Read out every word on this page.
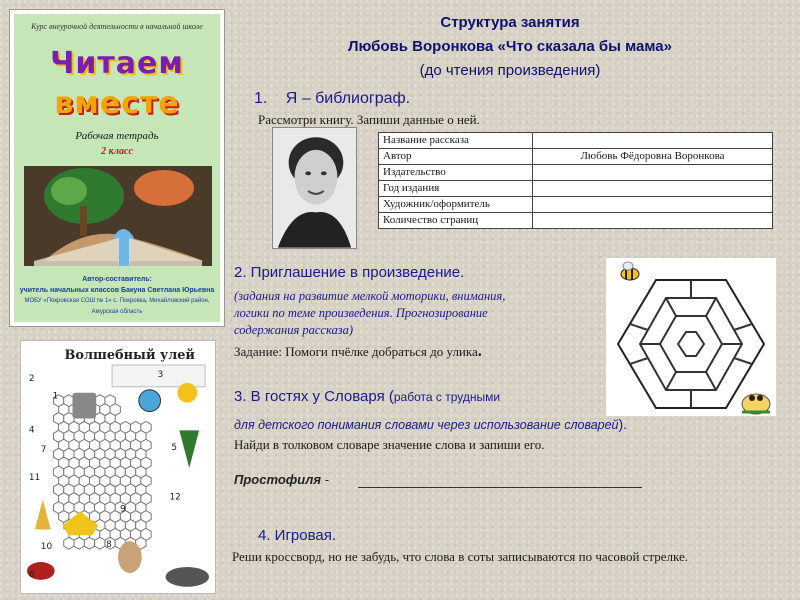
Курс внеурочной деятельности в начальной школе
Читаем
вместе
Рабочая тетрадь
2 класс
Автор-составитель:
учитель начальных классов Бакуна Светлана Юрьевна
МОБУ «Покровская СОШ № 1» с. Покровка, Михайловский район, Амурская область
Структура занятия
Любовь Воронкова «Что сказала бы мама»
(до чтения произведения)
1. Я – библиограф.
Рассмотри книгу. Запиши данные о ней.
Название рассказа	
Автор	Любовь Фёдоровна Воронкова
Издательство	
Год издания	
Художник/оформитель	
Количество страниц	
2. Приглашение в произведение.
(задания на развитие мелкой моторики, внимания,
логики по теме произведения. Прогнозирование
содержания рассказа)
Задание: Помоги пчёлке добраться до улика.
3. В гостях у Словаря (работа с трудными
для детского понимания словами через использование словарей).
Найди в толковом словаре значение слова и запиши его.
Простофиля -
4. Игровая.
Реши кроссворд, но не забудь, что слова в соты записываются по часовой стрелке.
Волшебный улей
2
4
11
7	5
9
8
10
6
1
3
12
